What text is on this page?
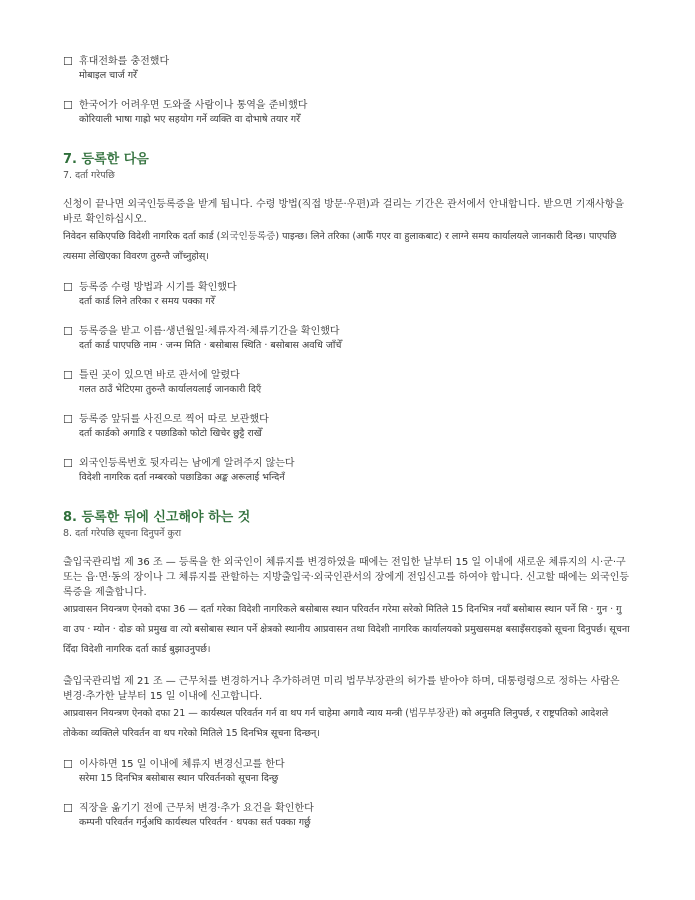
☐ 휴대전화를 충전했다
मोबाइल चार्ज गरेँ
☐ 한국어가 어려우면 도와줄 사람이나 통역을 준비했다
कोरियाली भाषा गाह्रो भए सहयोग गर्ने व्यक्ति वा दोभाषे तयार गरेँ
7. 등록한 다음
7. दर्ता गरेपछि
신청이 끝나면 외국인등록증을 받게 됩니다. 수령 방법(직접 방문·우편)과 걸리는 기간은 관서에서 안내합니다. 받으면 기재사항을 바로 확인하십시오.
निवेदन सकिएपछि विदेशी नागरिक दर्ता कार्ड (외국인등록증) पाइन्छ। लिने तरिका (आफैँ गएर वा हुलाकबाट) र लाग्ने समय कार्यालयले जानकारी दिन्छ। पाएपछि त्यसमा लेखिएका विवरण तुरुन्तै जाँच्नुहोस्।
☐ 등록증 수령 방법과 시기를 확인했다
दर्ता कार्ड लिने तरिका र समय पक्का गरेँ
☐ 등록증을 받고 이름·생년월일·체류자격·체류기간을 확인했다
दर्ता कार्ड पाएपछि नाम · जन्म मिति · बसोबास स्थिति · बसोबास अवधि जाँचेँ
☐ 틀린 곳이 있으면 바로 관서에 알렸다
गलत ठाउँ भेटिएमा तुरुन्तै कार्यालयलाई जानकारी दिएँ
☐ 등록증 앞뒤를 사진으로 찍어 따로 보관했다
दर्ता कार्डको अगाडि र पछाडिको फोटो खिचेर छुट्टै राखेँ
☐ 외국인등록번호 뒷자리는 남에게 알려주지 않는다
विदेशी नागरिक दर्ता नम्बरको पछाडिका अङ्क अरूलाई भन्दिनँ
8. 등록한 뒤에 신고해야 하는 것
8. दर्ता गरेपछि सूचना दिनुपर्ने कुरा
출입국관리법 제 36 조 — 등록을 한 외국인이 체류지를 변경하였을 때에는 전입한 날부터 15 일 이내에 새로운 체류지의 시·군·구 또는 읍·면·동의 장이나 그 체류지를 관할하는 지방출입국·외국인관서의 장에게 전입신고를 하여야 합니다. 신고할 때에는 외국인등록증을 제출합니다.
आप्रवासन नियन्त्रण ऐनको दफा 36 — दर्ता गरेका विदेशी नागरिकले बसोबास स्थान परिवर्तन गरेमा सरेको मितिले 15 दिनभित्र नयाँ बसोबास स्थान पर्ने सि · गुन · गु वा उप · म्योन · दोङ को प्रमुख वा त्यो बसोबास स्थान पर्ने क्षेत्रको स्थानीय आप्रवासन तथा विदेशी नागरिक कार्यालयको प्रमुखसमक्ष बसाइँसराइको सूचना दिनुपर्छ। सूचना दिँदा विदेशी नागरिक दर्ता कार्ड बुझाउनुपर्छ।
출입국관리법 제 21 조 — 근무처를 변경하거나 추가하려면 미리 법무부장관의 허가를 받아야 하며, 대통령령으로 정하는 사람은 변경·추가한 날부터 15 일 이내에 신고합니다.
आप्रवासन नियन्त्रण ऐनको दफा 21 — कार्यस्थल परिवर्तन गर्न वा थप गर्न चाहेमा अगावै न्याय मन्त्री (법무부장관) को अनुमति लिनुपर्छ, र राष्ट्रपतिको आदेशले तोकेका व्यक्तिले परिवर्तन वा थप गरेको मितिले 15 दिनभित्र सूचना दिन्छन्।
☐ 이사하면 15 일 이내에 체류지 변경신고를 한다
सरेमा 15 दिनभित्र बसोबास स्थान परिवर्तनको सूचना दिन्छु
☐ 직장을 옮기기 전에 근무처 변경·추가 요건을 확인한다
कम्पनी परिवर्तन गर्नुअघि कार्यस्थल परिवर्तन · थपका सर्त पक्का गर्छु
